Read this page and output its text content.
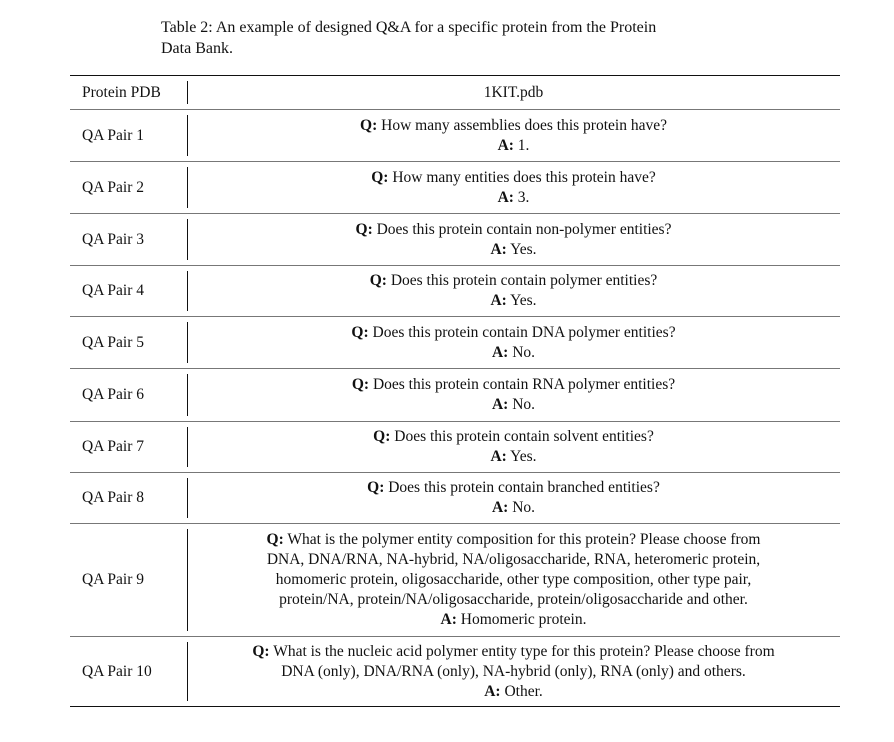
Table 2: An example of designed Q&A for a specific protein from the Protein
Data Bank.
Protein PDB	1KIT.pdb
QA Pair 1	Q: How many assemblies does this protein have?
A: 1.

QA Pair 2	Q: How many entities does this protein have?
A: 3.

QA Pair 3	Q: Does this protein contain non-polymer entities?
A: Yes.

QA Pair 4	Q: Does this protein contain polymer entities?
A: Yes.

QA Pair 5	Q: Does this protein contain DNA polymer entities?
A: No.

QA Pair 6	Q: Does this protein contain RNA polymer entities?
A: No.

QA Pair 7	Q: Does this protein contain solvent entities?
A: Yes.

QA Pair 8	Q: Does this protein contain branched entities?
A: No.

QA Pair 9	Q: What is the polymer entity composition for this protein? Please choose from
DNA, DNA/RNA, NA-hybrid, NA/oligosaccharide, RNA, heteromeric protein,
homomeric protein, oligosaccharide, other type composition, other type pair,
protein/NA, protein/NA/oligosaccharide, protein/oligosaccharide and other.
A: Homomeric protein.

QA Pair 10	Q: What is the nucleic acid polymer entity type for this protein? Please choose from
DNA (only), DNA/RNA (only), NA-hybrid (only), RNA (only) and others.
A: Other.
